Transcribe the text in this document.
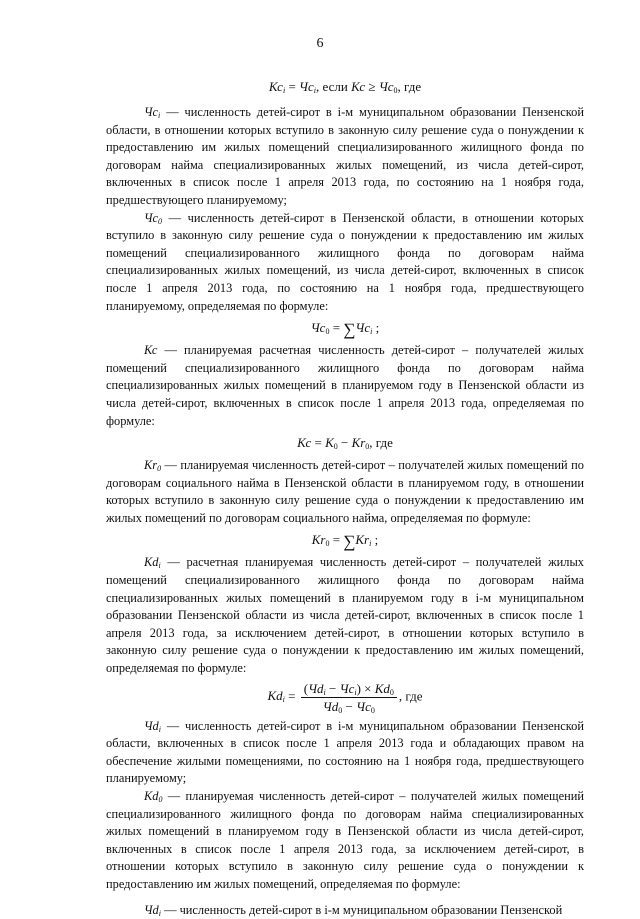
6
$Кс_i = Чс_i$, если Кс ≥ $Чс_0$, где

$Чс_i$ — численность детей-сирот в i-м муниципальном образовании Пензенской области, в отношении которых вступило в законную силу решение суда о понуждении к предоставлению им жилых помещений специализированного жилищного фонда по договорам найма специализированных жилых помещений, из числа детей-сирот, включенных в список после 1 апреля 2013 года, по состоянию на 1 ноября года, предшествующего планируемому;

$Чс_0$ — численность детей-сирот в Пензенской области, в отношении которых вступило в законную силу решение суда о понуждении к предоставлению им жилых помещений специализированного жилищного фонда по договорам найма специализированных жилых помещений, из числа детей-сирот, включенных в список после 1 апреля 2013 года, по состоянию на 1 ноября года, предшествующего планируемому, определяемая по формуле:

$Чс_0 = \sum Чс_i$ ;

Кс — планируемая расчетная численность детей-сирот – получателей жилых помещений специализированного жилищного фонда по договорам найма специализированных жилых помещений в планируемом году в Пензенской области из числа детей-сирот, включенных в список после 1 апреля 2013 года, определяемая по формуле:

Кс = $К_0 - Кr_0$, где

$Кr_0$ — планируемая численность детей-сирот – получателей жилых помещений по договорам социального найма в Пензенской области в планируемом году, в отношении которых вступило в законную силу решение суда о понуждении к предоставлению им жилых помещений по договорам социального найма, определяемая по формуле:

$Кr_0 = \sum Кr_i$ ;

$Кd_i$ — расчетная планируемая численность детей-сирот – получателей жилых помещений специализированного жилищного фонда по договорам найма специализированных жилых помещений в планируемом году в i-м муниципальном образовании Пензенской области из числа детей-сирот, включенных в список после 1 апреля 2013 года, за исключением детей-сирот, в отношении которых вступило в законную силу решение суда о понуждении к предоставлению им жилых помещений, определяемая по формуле:

$Кd_i = \frac{(Чd_i - Чс_i) \times Кd_0}{Чd_0 - Чс_0}$ , где

$Чd_i$ — численность детей-сирот в i-м муниципальном образовании Пензенской области, включенных в список после 1 апреля 2013 года и обладающих правом на обеспечение жилыми помещениями, по состоянию на 1 ноября года, предшествующего планируемому;

$Кd_0$ — планируемая численность детей-сирот – получателей жилых помещений специализированного жилищного фонда по договорам найма специализированных жилых помещений в планируемом году в Пензенской области из числа детей-сирот, включенных в список после 1 апреля 2013 года, за исключением детей-сирот, в отношении которых вступило в законную силу решение суда о понуждении к предоставлению им жилых помещений, определяемая по формуле:

$Чd_i$ — численность детей-сирот в i-м муниципальном образовании Пензенской
